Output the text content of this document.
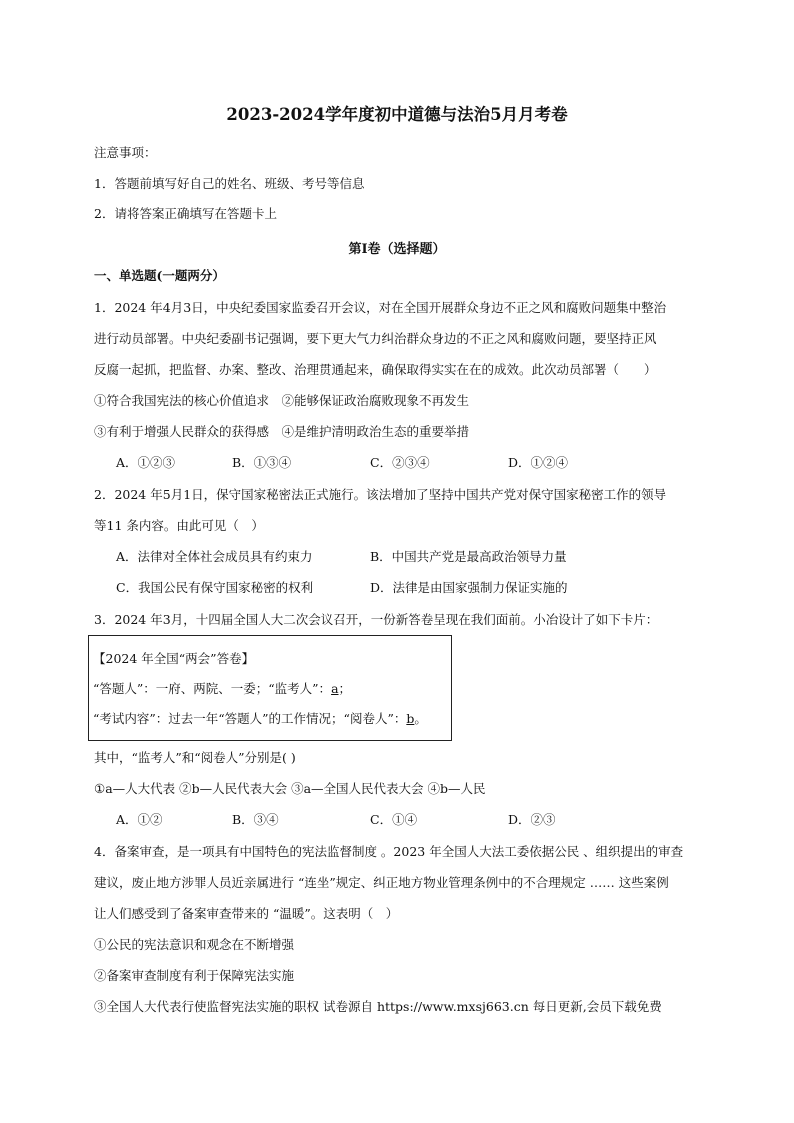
2023-2024学年度初中道德与法治5月月考卷
注意事项：
1．答题前填写好自己的姓名、班级、考号等信息
2．请将答案正确填写在答题卡上
第I卷（选择题）
一、单选题(一题两分）
1．2024 年4月3日，中央纪委国家监委召开会议，对在全国开展群众身边不正之风和腐败问题集中整治
进行动员部署。中央纪委副书记强调，要下更大气力纠治群众身边的不正之风和腐败问题，要坚持正风
反腐一起抓，把监督、办案、整改、治理贯通起来，确保取得实实在在的成效。此次动员部署（　　）
①符合我国宪法的核心价值追求　②能够保证政治腐败现象不再发生
③有利于增强人民群众的获得感　④是维护清明政治生态的重要举措
A．①②③	B．①③④	C．②③④	D．①②④
2．2024 年5月1日，保守国家秘密法正式施行。该法增加了坚持中国共产党对保守国家秘密工作的领导
等11 条内容。由此可见（　）
A．法律对全体社会成员具有约束力	B．中国共产党是最高政治领导力量
C．我国公民有保守国家秘密的权利	D．法律是由国家强制力保证实施的
3．2024 年3月，十四届全国人大二次会议召开，一份新答卷呈现在我们面前。小冶设计了如下卡片：
【2024 年全国“两会”答卷】
“答题人”：一府、两院、一委；“监考人”：a；
“考试内容”：过去一年“答题人”的工作情况；“阅卷人”：b。
其中，“监考人”和“阅卷人”分别是( )
①a—人大代表 ②b—人民代表大会 ③a—全国人民代表大会 ④b—人民
A．①②	B．③④	C．①④	D．②③
4．备案审查，是一项具有中国特色的宪法监督制度 。2023 年全国人大法工委依据公民 、组织提出的审查
建议，废止地方涉罪人员近亲属进行 “连坐”规定、纠正地方物业管理条例中的不合理规定 …… 这些案例
让人们感受到了备案审查带来的 “温暖”。这表明（　）
①公民的宪法意识和观念在不断增强
②备案审查制度有利于保障宪法实施
③全国人大代表行使监督宪法实施的职权 试卷源自 https://www.mxsj663.cn 每日更新,会员下载免费
